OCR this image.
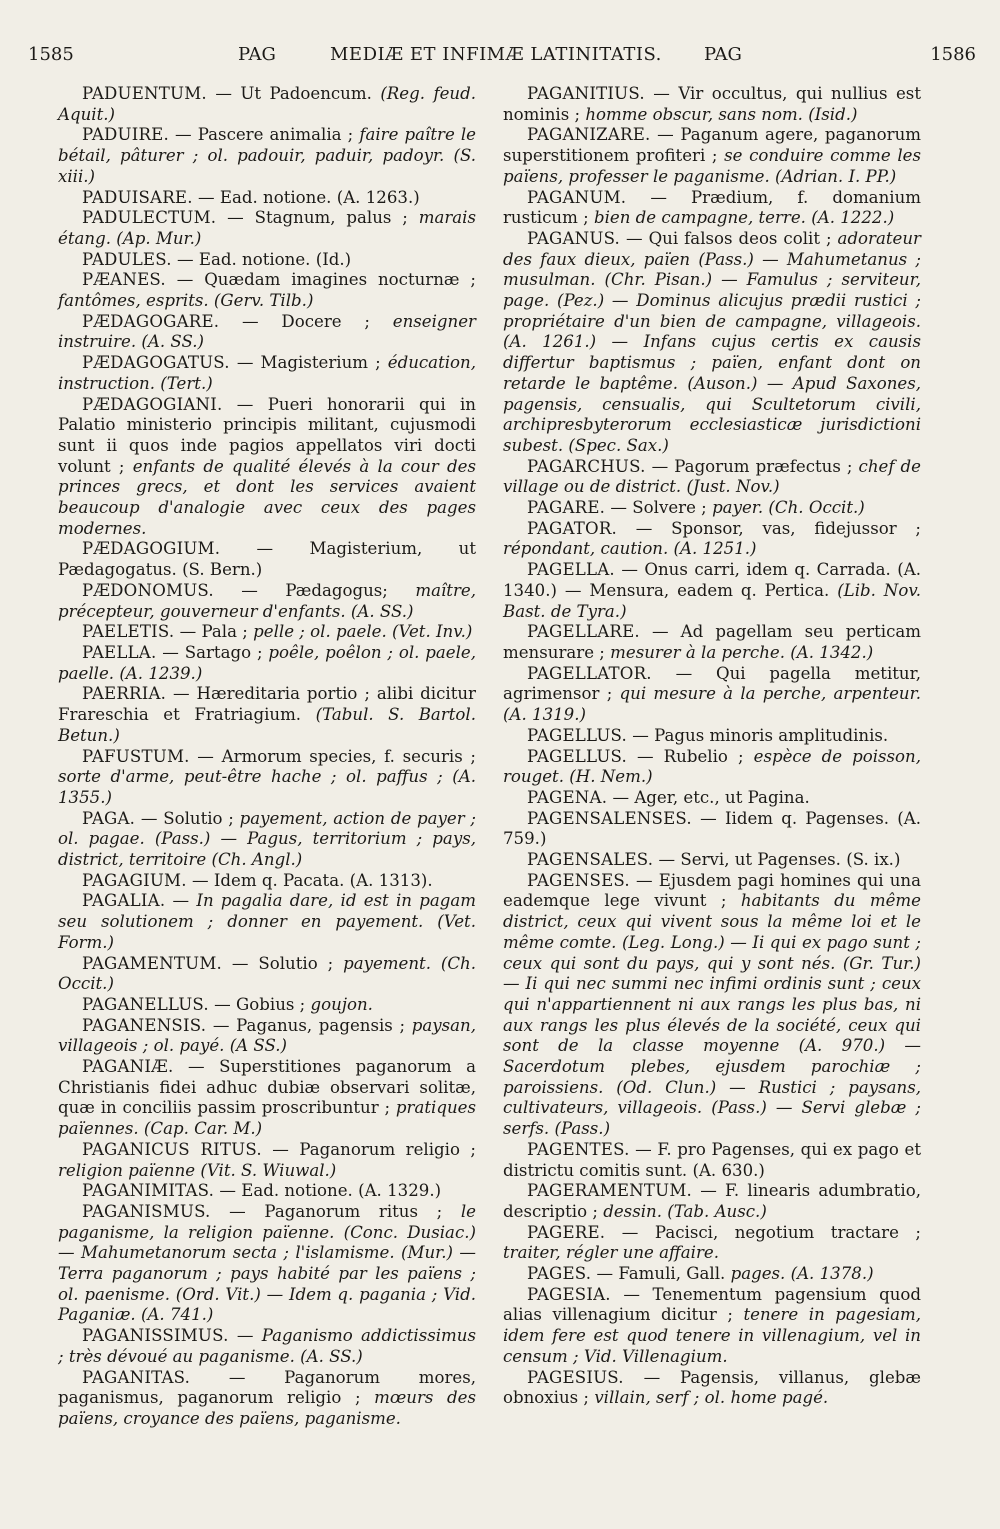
1585	PAG	MEDIÆ ET INFIMÆ LATINITATIS. PAG	1586

PADUENTUM. — Ut Padoencum. (Reg. feud. Aquit.)

PADUIRE. — Pascere animalia ; faire paître le bétail, pâturer ; ol. padouir, paduir, padoyr. (S. xiii.)

PADUISARE. — Ead. notione. (A. 1263.)

PADULECTUM. — Stagnum, palus ; marais étang. (Ap. Mur.)

PADULES. — Ead. notione. (Id.)

PÆANES. — Quædam imagines nocturnæ ; fantômes, esprits. (Gerv. Tilb.)

PÆDAGOGARE. — Docere ; enseigner instruire. (A. SS.)

PÆDAGOGATUS. — Magisterium ; éducation, instruction. (Tert.)

PÆDAGOGIANI. — Pueri honorarii qui in Palatio ministerio principis militant, cujusmodi sunt ii quos inde pagios appellatos viri docti volunt ; enfants de qualité élevés à la cour des princes grecs, et dont les services avaient beaucoup d'analogie avec ceux des pages modernes.

PÆDAGOGIUM. — Magisterium, ut Pædagogatus. (S. Bern.)

PÆDONOMUS. — Pædagogus; maître, précepteur, gouverneur d'enfants. (A. SS.)

PAELETIS. — Pala ; pelle ; ol. paele. (Vet. Inv.)

PAELLA. — Sartago ; poêle, poêlon ; ol. paele, paelle. (A. 1239.)

PAERRIA. — Hæreditaria portio ; alibi dicitur Frareschia et Fratriagium. (Tabul. S. Bartol. Betun.)

PAFUSTUM. — Armorum species, f. securis ; sorte d'arme, peut-être hache ; ol. paffus ; (A. 1355.)

PAGA. — Solutio ; payement, action de payer ; ol. pagae. (Pass.) — Pagus, territorium ; pays, district, territoire (Ch. Angl.)

PAGAGIUM. — Idem q. Pacata. (A. 1313).

PAGALIA. — In pagalia dare, id est in pagam seu solutionem ; donner en payement. (Vet. Form.)

PAGAMENTUM. — Solutio ; payement. (Ch. Occit.)

PAGANELLUS. — Gobius ; goujon.

PAGANENSIS. — Paganus, pagensis ; paysan, villageois ; ol. payé. (A SS.)

PAGANIÆ. — Superstitiones paganorum a Christianis fidei adhuc dubiæ observari solitæ, quæ in conciliis passim proscribuntur ; pratiques païennes. (Cap. Car. M.)

PAGANICUS RITUS. — Paganorum religio ; religion païenne (Vit. S. Wiuwal.)

PAGANIMITAS. — Ead. notione. (A. 1329.)

PAGANISMUS. — Paganorum ritus ; le paganisme, la religion païenne. (Conc. Dusiac.) — Mahumetanorum secta ; l'islamisme. (Mur.) — Terra paganorum ; pays habité par les païens ; ol. paenisme. (Ord. Vit.) — Idem q. pagania ; Vid. Paganiæ. (A. 741.)

PAGANISSIMUS. — Paganismo addictissimus ; très dévoué au paganisme. (A. SS.)

PAGANITAS. — Paganorum mores, paganismus, paganorum religio ; mœurs des païens, croyance des païens, paganisme.

PAGANITIUS. — Vir occultus, qui nullius est nominis ; homme obscur, sans nom. (Isid.)

PAGANIZARE. — Paganum agere, paganorum superstitionem profiteri ; se conduire comme les païens, professer le paganisme. (Adrian. I. PP.)

PAGANUM. — Prædium, f. domanium rusticum ; bien de campagne, terre. (A. 1222.)

PAGANUS. — Qui falsos deos colit ; adorateur des faux dieux, païen (Pass.) — Mahumetanus ; musulman. (Chr. Pisan.) — Famulus ; serviteur, page. (Pez.) — Dominus alicujus prædii rustici ; propriétaire d'un bien de campagne, villageois. (A. 1261.) — Infans cujus certis ex causis differtur baptismus ; païen, enfant dont on retarde le baptême. (Auson.) — Apud Saxones, pagensis, censualis, qui Scultetorum civili, archipresbyterorum ecclesiasticæ jurisdictioni subest. (Spec. Sax.)

PAGARCHUS. — Pagorum præfectus ; chef de village ou de district. (Just. Nov.)

PAGARE. — Solvere ; payer. (Ch. Occit.)

PAGATOR. — Sponsor, vas, fidejussor ; répondant, caution. (A. 1251.)

PAGELLA. — Onus carri, idem q. Carrada. (A. 1340.) — Mensura, eadem q. Pertica. (Lib. Nov. Bast. de Tyra.)

PAGELLARE. — Ad pagellam seu perticam mensurare ; mesurer à la perche. (A. 1342.)

PAGELLATOR. — Qui pagella metitur, agrimensor ; qui mesure à la perche, arpenteur. (A. 1319.)

PAGELLUS. — Pagus minoris amplitudinis.

PAGELLUS. — Rubelio ; espèce de poisson, rouget. (H. Nem.)

PAGENA. — Ager, etc., ut Pagina.

PAGENSALENSES. — Iidem q. Pagenses. (A. 759.)

PAGENSALES. — Servi, ut Pagenses. (S. ix.)

PAGENSES. — Ejusdem pagi homines qui una eademque lege vivunt ; habitants du même district, ceux qui vivent sous la même loi et le même comte. (Leg. Long.) — Ii qui ex pago sunt ; ceux qui sont du pays, qui y sont nés. (Gr. Tur.) — Ii qui nec summi nec infimi ordinis sunt ; ceux qui n'appartiennent ni aux rangs les plus bas, ni aux rangs les plus élevés de la société, ceux qui sont de la classe moyenne (A. 970.) — Sacerdotum plebes, ejusdem parochiæ ; paroissiens. (Od. Clun.) — Rustici ; paysans, cultivateurs, villageois. (Pass.) — Servi glebæ ; serfs. (Pass.)

PAGENTES. — F. pro Pagenses, qui ex pago et districtu comitis sunt. (A. 630.)

PAGERAMENTUM. — F. linearis adumbratio, descriptio ; dessin. (Tab. Ausc.)

PAGERE. — Pacisci, negotium tractare ; traiter, régler une affaire.

PAGES. — Famuli, Gall. pages. (A. 1378.)

PAGESIA. — Tenementum pagensium quod alias villenagium dicitur ; tenere in pagesiam, idem fere est quod tenere in villenagium, vel in censum ; Vid. Villenagium.

PAGESIUS. — Pagensis, villanus, glebæ obnoxius ; villain, serf ; ol. home pagé.
